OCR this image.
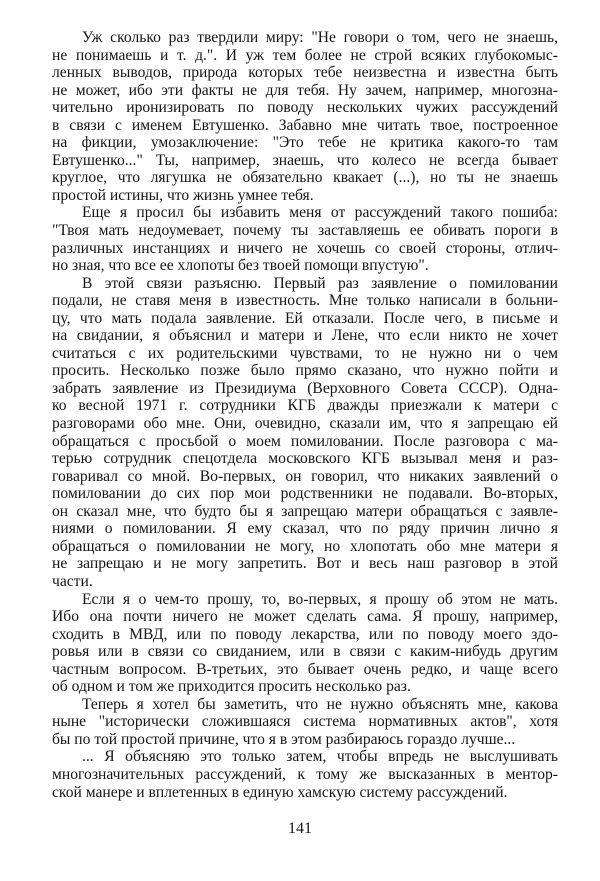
Уж сколько раз твердили миру: "Не говори о том, чего не знаешь,
не понимаешь и т. д.". И уж тем более не строй всяких глубокомыс-
ленных выводов, природа которых тебе неизвестна и известна быть
не может, ибо эти факты не для тебя. Ну зачем, например, многозна-
чительно иронизировать по поводу нескольких чужих рассуждений
в связи с именем Евтушенко. Забавно мне читать твое, построенное
на фикции, умозаключение: "Это тебе не критика какого-то там
Евтушенко..." Ты, например, знаешь, что колесо не всегда бывает
круглое, что лягушка не обязательно квакает (...), но ты не знаешь
простой истины, что жизнь умнее тебя.
Еще я просил бы избавить меня от рассуждений такого пошиба:
"Твоя мать недоумевает, почему ты заставляешь ее обивать пороги в
различных инстанциях и ничего не хочешь со своей стороны, отлич-
но зная, что все ее хлопоты без твоей помощи впустую".
В этой связи разъясню. Первый раз заявление о помиловании
подали, не ставя меня в известность. Мне только написали в больни-
цу, что мать подала заявление. Ей отказали. После чего, в письме и
на свидании, я объяснил и матери и Лене, что если никто не хочет
считаться с их родительскими чувствами, то не нужно ни о чем
просить. Несколько позже было прямо сказано, что нужно пойти и
забрать заявление из Президиума (Верховного Совета СССР). Одна-
ко весной 1971 г. сотрудники КГБ дважды приезжали к матери с
разговорами обо мне. Они, очевидно, сказали им, что я запрещаю ей
обращаться с просьбой о моем помиловании. После разговора с ма-
терью сотрудник спецотдела московского КГБ вызывал меня и раз-
говаривал со мной. Во-первых, он говорил, что никаких заявлений о
помиловании до сих пор мои родственники не подавали. Во-вторых,
он сказал мне, что будто бы я запрещаю матери обращаться с заявле-
ниями о помиловании. Я ему сказал, что по ряду причин лично я
обращаться о помиловании не могу, но хлопотать обо мне матери я
не запрещаю и не могу запретить. Вот и весь наш разговор в этой
части.
Если я о чем-то прошу, то, во-первых, я прошу об этом не мать.
Ибо она почти ничего не может сделать сама. Я прошу, например,
сходить в МВД, или по поводу лекарства, или по поводу моего здо-
ровья или в связи со свиданием, или в связи с каким-нибудь другим
частным вопросом. В-третьих, это бывает очень редко, и чаще всего
об одном и том же приходится просить несколько раз.
Теперь я хотел бы заметить, что не нужно объяснять мне, какова
ныне "исторически сложившаяся система нормативных актов", хотя
бы по той простой причине, что я в этом разбираюсь гораздо лучше...
... Я объясняю это только затем, чтобы впредь не выслушивать
многозначительных рассуждений, к тому же высказанных в ментор-
ской манере и вплетенных в единую хамскую систему рассуждений.
141
